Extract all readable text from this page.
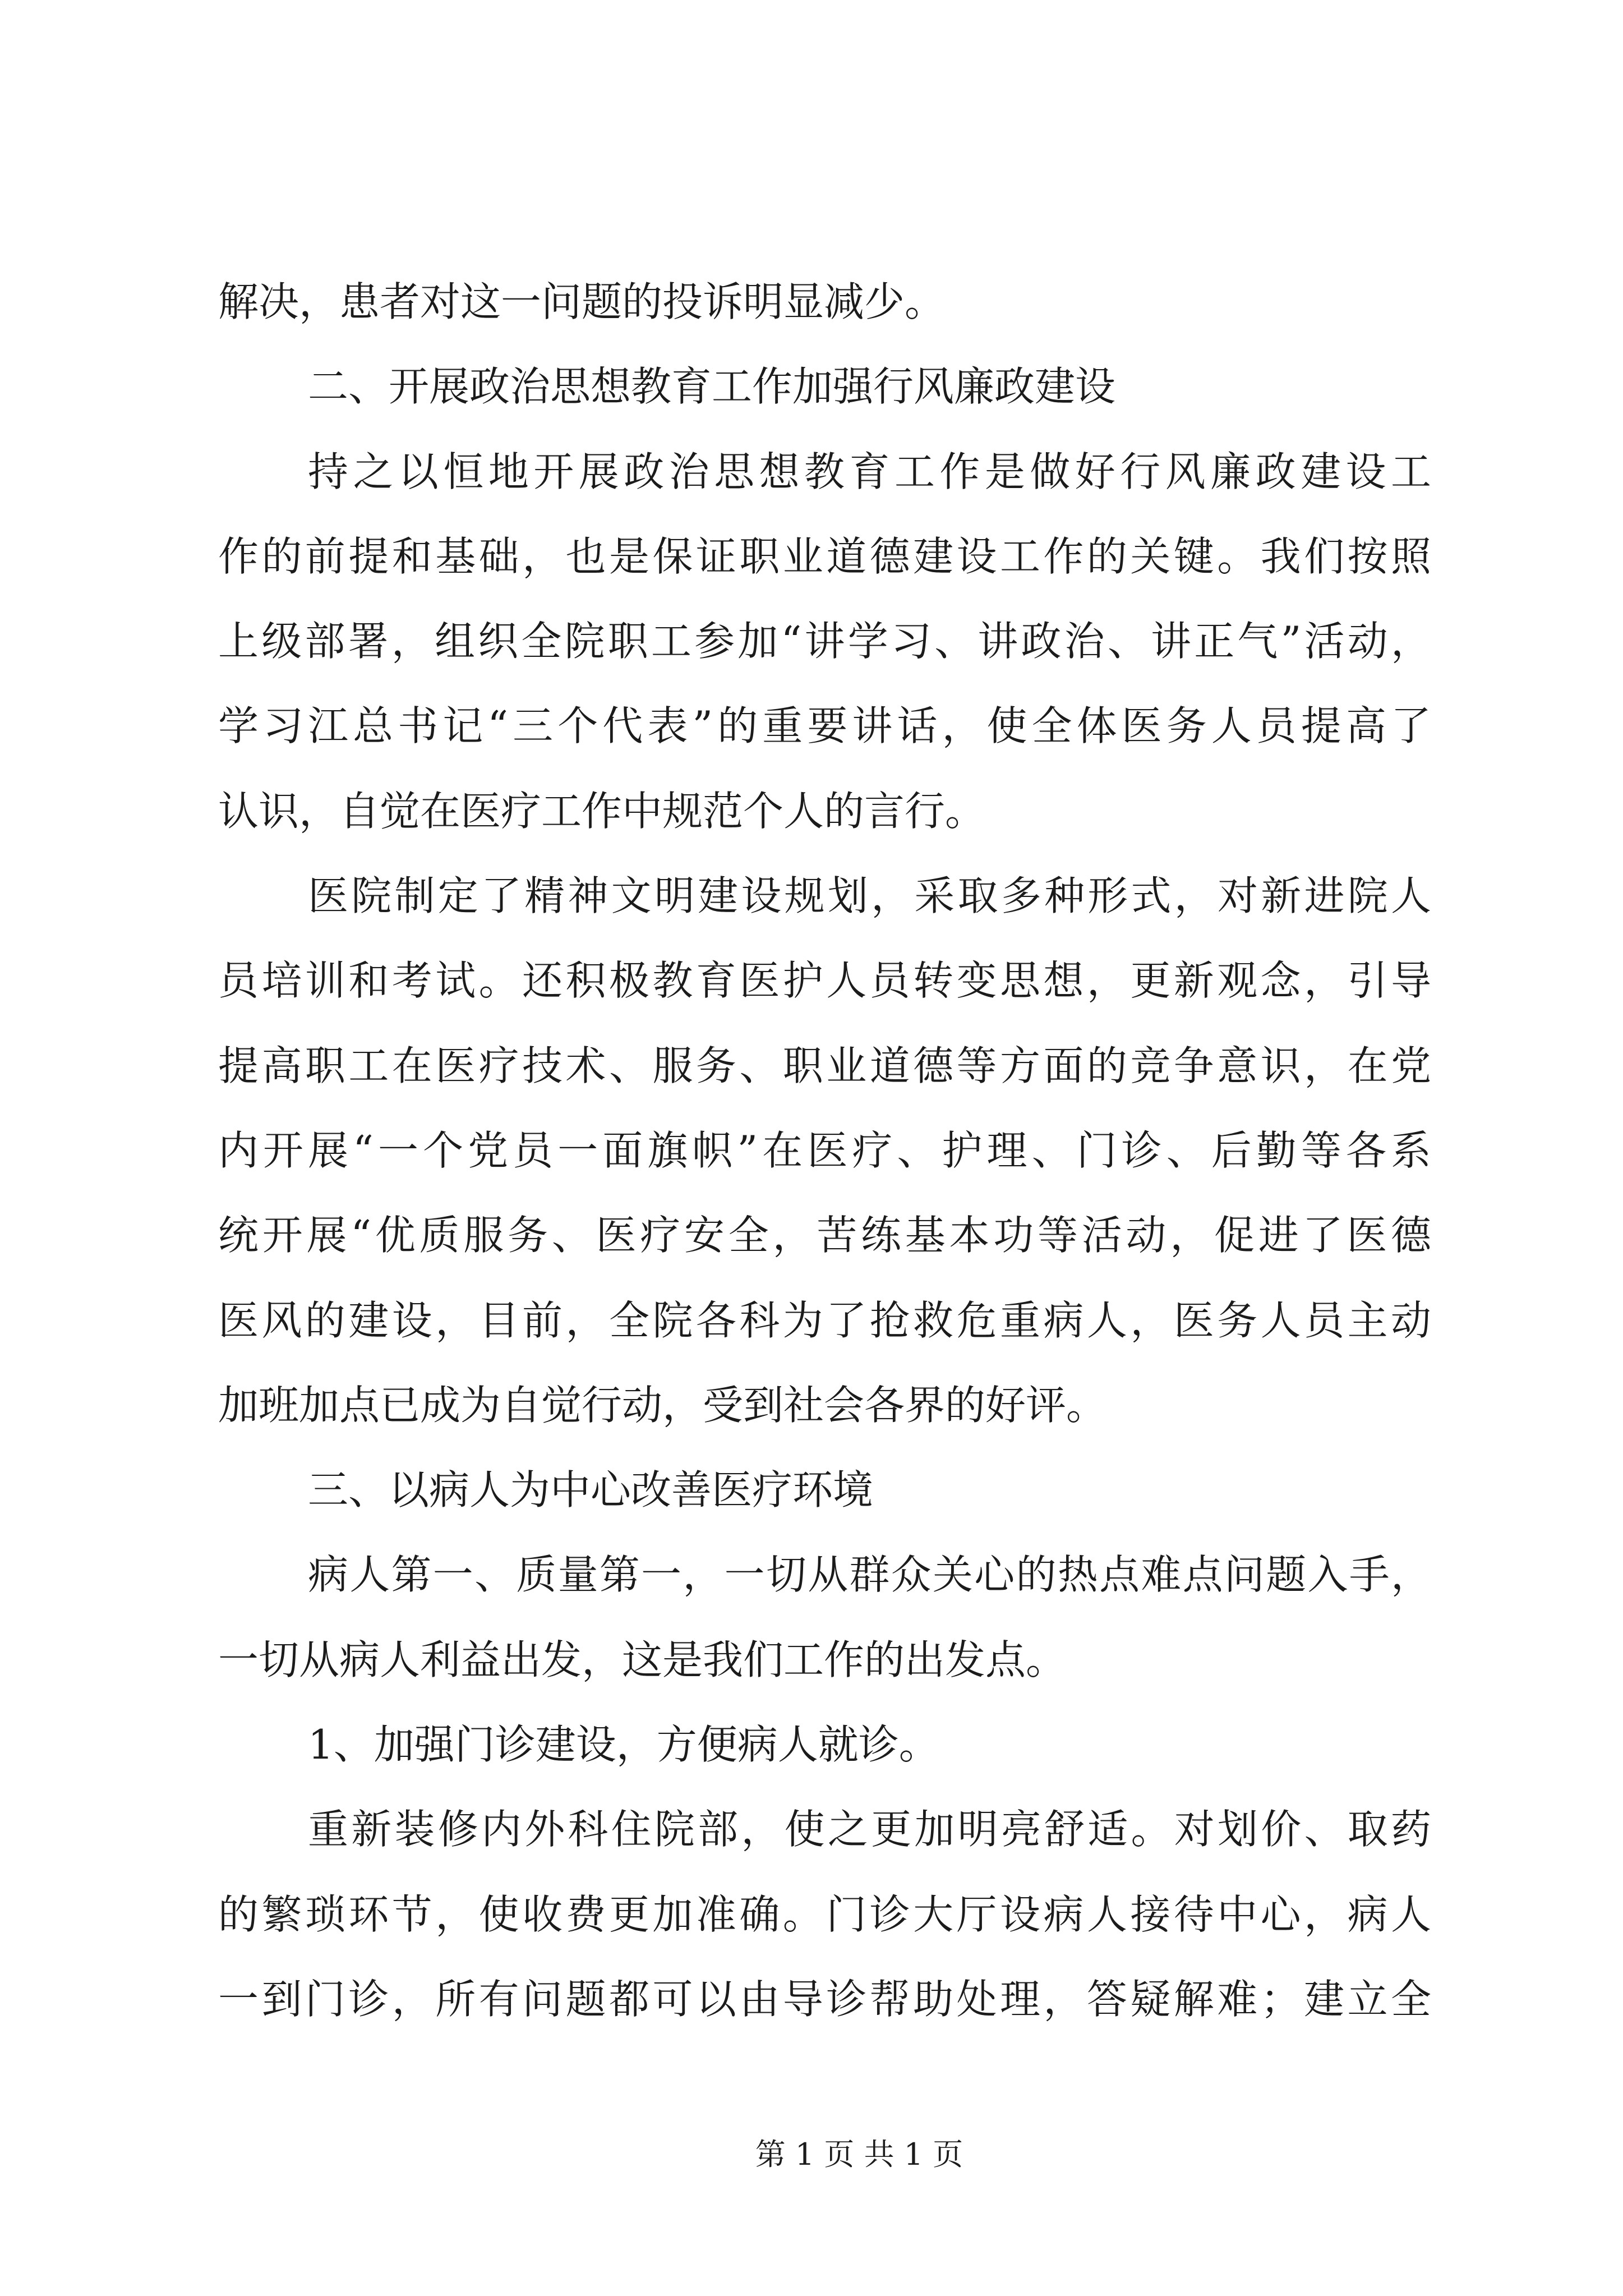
解决，患者对这一问题的投诉明显减少。
二、开展政治思想教育工作加强行风廉政建设
持之以恒地开展政治思想教育工作是做好行风廉政建设工
作的前提和基础，也是保证职业道德建设工作的关键。我们按照
上级部署，组织全院职工参加“讲学习、讲政治、讲正气”活动，
学习江总书记“三个代表”的重要讲话，使全体医务人员提高了
认识，自觉在医疗工作中规范个人的言行。
医院制定了精神文明建设规划，采取多种形式，对新进院人
员培训和考试。还积极教育医护人员转变思想，更新观念，引导
提高职工在医疗技术、服务、职业道德等方面的竞争意识，在党
内开展“一个党员一面旗帜”在医疗、护理、门诊、后勤等各系
统开展“优质服务、医疗安全，苦练基本功等活动，促进了医德
医风的建设，目前，全院各科为了抢救危重病人，医务人员主动
加班加点已成为自觉行动，受到社会各界的好评。
三、以病人为中心改善医疗环境
病人第一、质量第一，一切从群众关心的热点难点问题入手，
一切从病人利益出发，这是我们工作的出发点。
1、加强门诊建设，方便病人就诊。
重新装修内外科住院部，使之更加明亮舒适。对划价、取药
的繁琐环节，使收费更加准确。门诊大厅设病人接待中心，病人
一到门诊，所有问题都可以由导诊帮助处理，答疑解难；建立全
第 1 页 共 1 页
